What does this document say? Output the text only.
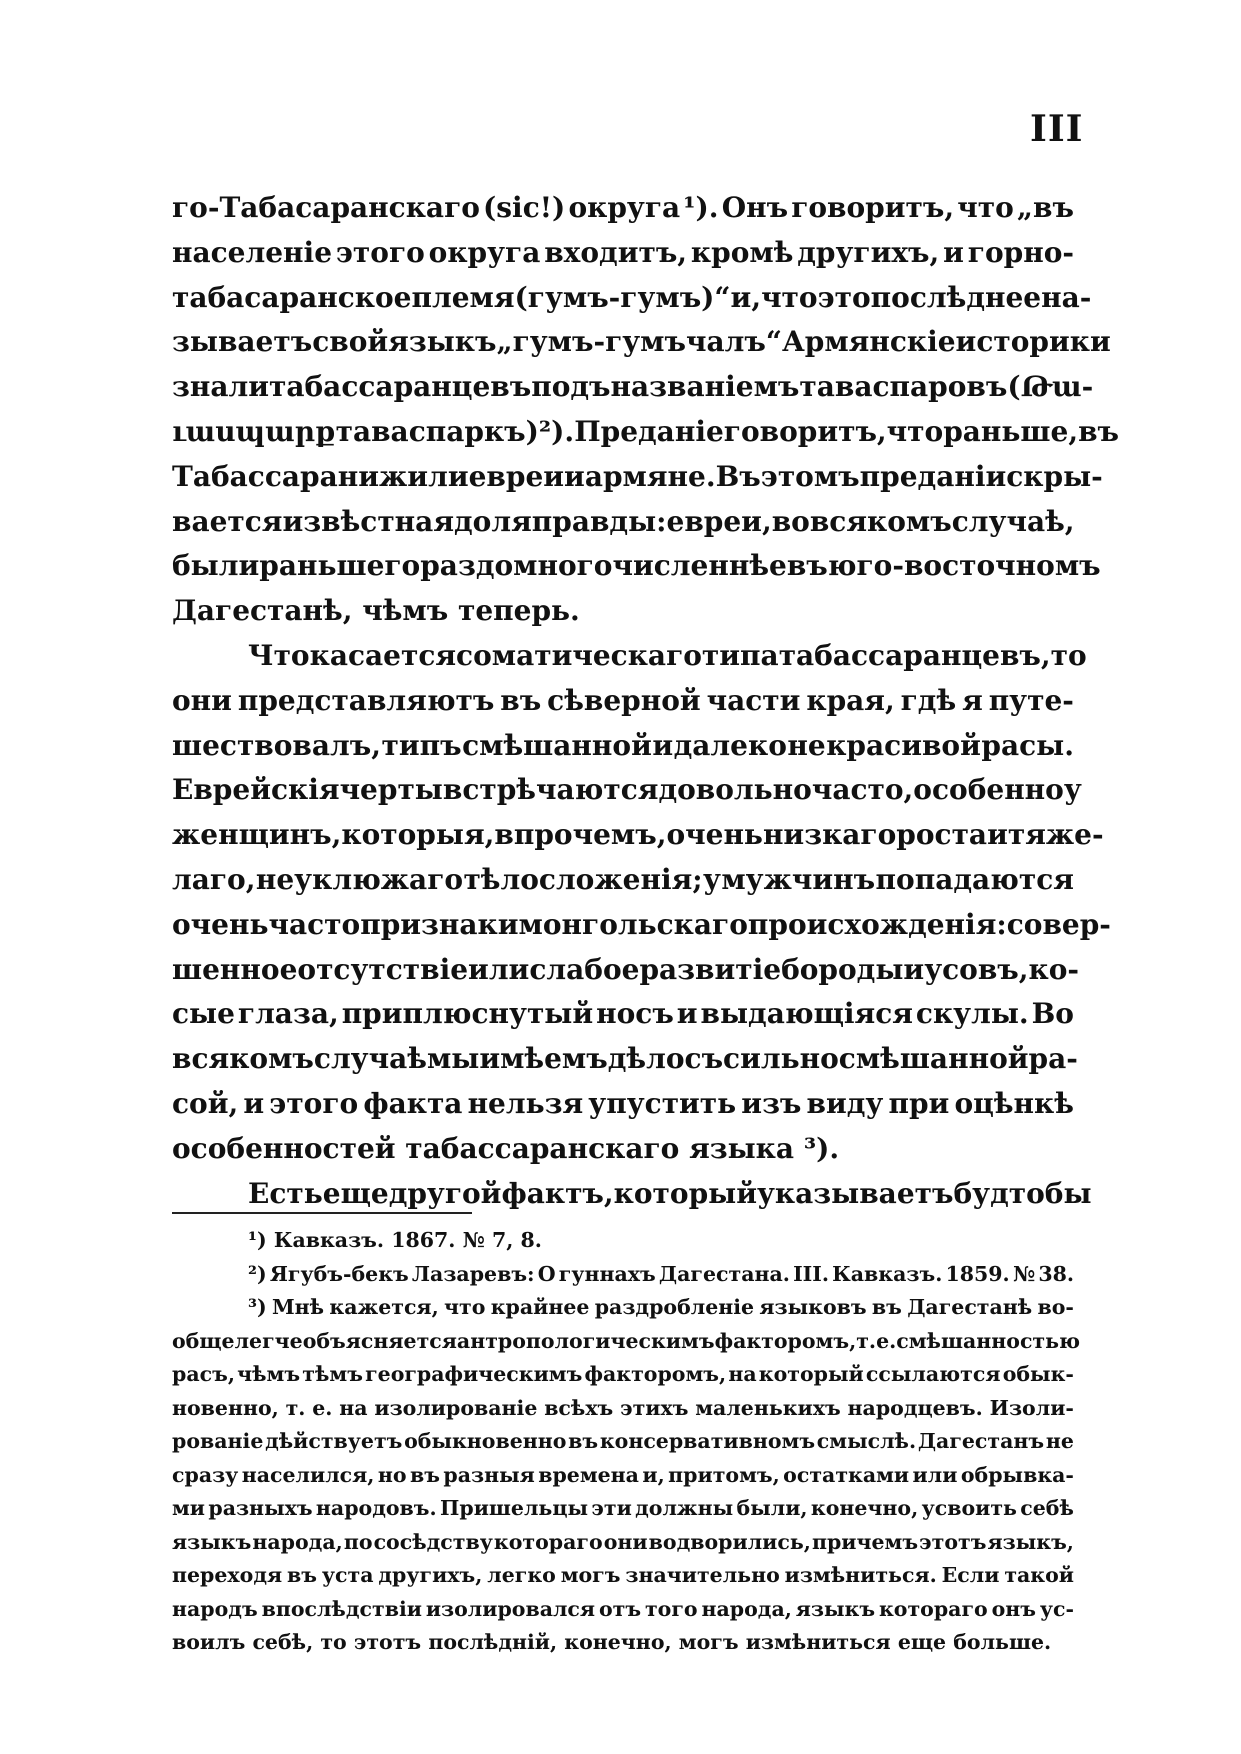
III
го-Табасаранскаго (sic!) округа ¹). Онъ говоритъ, что „въ
населеніе этого округа входитъ, кромѣ другихъ, и горно-
табасаранское племя (гумъ-гумъ)“ и, что это послѣднее на-
зываетъ свой языкъ „гумъ-гумъ чалъ“ Армянскіе историки
знали табассаранцевъ подъ названіемъ таваспаровъ (Թա-
ւասպարք таваспаркъ) ²). Преданіе говоритъ, что раньше, въ
Табассарани жили евреи и армяне. Въ этомъ преданіи скры-
вается извѣстная доля правды: евреи, во всякомъ случаѣ,
были раньше гораздо многочисленнѣе въ юго-восточномъ
Дагестанѣ,
чѣмъ
теперь.
Что касается соматическаго типа табассаранцевъ, то
они представляютъ въ сѣверной части края, гдѣ я путе-
шествовалъ, типъ смѣшанной и далеко не красивой расы.
Еврейскія черты встрѣчаются довольно часто, особенно у
женщинъ, которыя, впрочемъ, очень низкаго роста и тяже-
лаго, неуклюжаго тѣлосложенія; у мужчинъ попадаются
очень часто признаки монгольскаго происхожденія: совер-
шенное отсутствіе или слабое развитіе бороды и усовъ, ко-
сые глаза, приплюснутый носъ и выдающіяся скулы. Во
всякомъ случаѣ мы имѣемъ дѣло съ сильно смѣшанной ра-
сой, и этого факта нельзя упустить изъ виду при оцѣнкѣ
особенностей
табассаранскаго
языка
³).
Есть еще другой фактъ, который указываетъ будто бы
¹)
Кавказъ.
1867.
№
7,
8.
²) Ягубъ-бекъ Лазаревъ: О гуннахъ Дагестана. III. Кавказъ. 1859. № 38.
³) Мнѣ кажется, что крайнее раздробленіе языковъ въ Дагестанѣ во-
обще легче объясняется антропологическимъ факторомъ, т. е. смѣшанностью
расъ, чѣмъ тѣмъ географическимъ факторомъ, на который ссылаются обык-
новенно, т. е. на изолированіе всѣхъ этихъ маленькихъ народцевъ. Изоли-
рованіе дѣйствуетъ обыкновенно въ консервативномъ смыслѣ. Дагестанъ не
сразу населился, но въ разныя времена и, притомъ, остатками или обрывка-
ми разныхъ народовъ. Пришельцы эти должны были, конечно, усвоить себѣ
языкъ народа, по сосѣдству котораго они водворились, причемъ этотъ языкъ,
переходя въ уста другихъ, легко могъ значительно измѣниться. Если такой
народъ впослѣдствіи изолировался отъ того народа, языкъ котораго онъ ус-
воилъ
себѣ,
то
этотъ
послѣдній,
конечно,
могъ
измѣниться
еще
больше.
